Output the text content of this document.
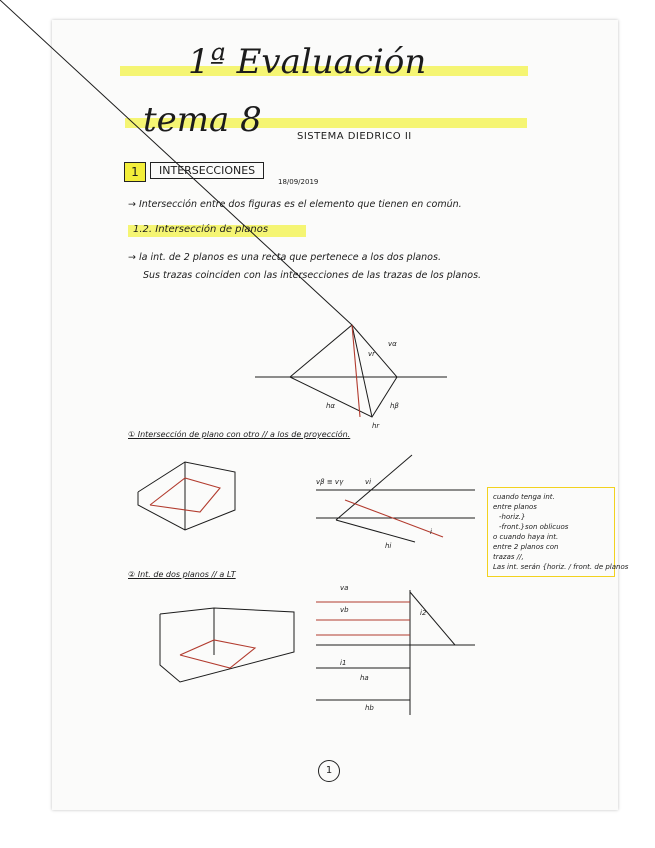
1ª Evaluación
tema 8	SISTEMA DIEDRICO II
1	INTERSECCIONES
18/09/2019
→ Intersección entre dos figuras es el elemento que tienen en común.
1.2. Intersección de planos
→ la int. de 2 planos es una recta que pertenece a los dos planos.
Sus trazas coinciden con las intersecciones de las trazas de los planos.
① Intersección de plano con otro // a los de proyección.
② Int. de dos planos // a LT
cuando tenga int.
entre planos
-horiz.}
-front.}son oblicuos
o cuando haya int.
entre 2 planos con
trazas //,
Las int. serán {horiz. / front. de planos
vα
hα	hβ
vr
hr
vβ ≡ vγ	vi
hi
i
va
vb	i2
i1
ha
hb
1
